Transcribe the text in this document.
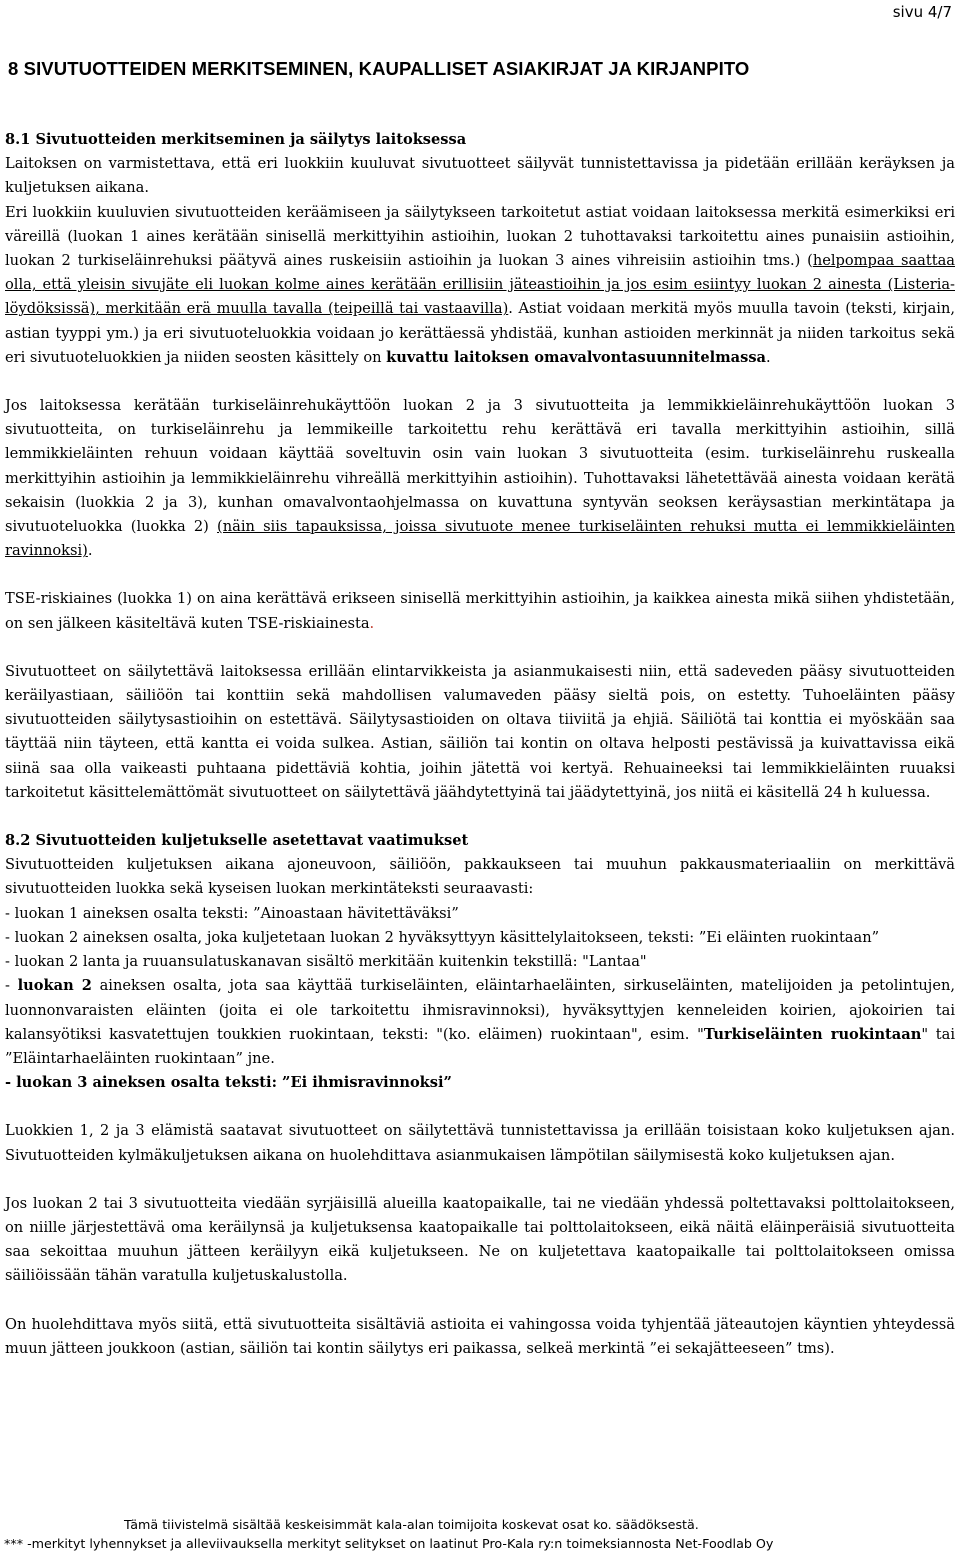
sivu 4/7
8 SIVUTUOTTEIDEN MERKITSEMINEN, KAUPALLISET ASIAKIRJAT JA KIRJANPITO

8.1 Sivutuotteiden merkitseminen ja säilytys laitoksessa

Laitoksen on varmistettava, että eri luokkiin kuuluvat sivutuotteet säilyvät tunnistettavissa ja pidetään erillään keräyksen ja kuljetuksen aikana.

Eri luokkiin kuuluvien sivutuotteiden keräämiseen ja säilytykseen tarkoitetut astiat voidaan laitoksessa merkitä esimerkiksi eri väreillä (luokan 1 aines kerätään sinisellä merkittyihin astioihin, luokan 2 tuhottavaksi tarkoitettu aines punaisiin astioihin, luokan 2 turkiseläinrehuksi päätyvä aines ruskeisiin astioihin ja luokan 3 aines vihreisiin astioihin tms.) (helpompaa saattaa olla, että yleisin sivujäte eli luokan kolme aines kerätään erillisiin jäteastioihin ja jos esim esiintyy luokan 2 ainesta (Listeria-löydöksissä), merkitään erä muulla tavalla (teipeillä tai vastaavilla). Astiat voidaan merkitä myös muulla tavoin (teksti, kirjain, astian tyyppi ym.) ja eri sivutuoteluokkia voidaan jo kerättäessä yhdistää, kunhan astioiden merkinnät ja niiden tarkoitus sekä eri sivutuoteluokkien ja niiden seosten käsittely on kuvattu laitoksen omavalvontasuunnitelmassa.

Jos laitoksessa kerätään turkiseläinrehukäyttöön luokan 2 ja 3 sivutuotteita ja lemmikkieläinrehukäyttöön luokan 3 sivutuotteita, on turkiseläinrehu ja lemmikeille tarkoitettu rehu kerättävä eri tavalla merkittyihin astioihin, sillä lemmikkieläinten rehuun voidaan käyttää soveltuvin osin vain luokan 3 sivutuotteita (esim. turkiseläinrehu ruskealla merkittyihin astioihin ja lemmikkieläinrehu vihreällä merkittyihin astioihin). Tuhottavaksi lähetettävää ainesta voidaan kerätä sekaisin (luokkia 2 ja 3), kunhan omavalvontaohjelmassa on kuvattuna syntyvän seoksen keräysastian merkintätapa ja sivutuoteluokka (luokka 2) (näin siis tapauksissa, joissa sivutuote menee turkiseläinten rehuksi mutta ei lemmikkieläinten ravinnoksi).

TSE-riskiaines (luokka 1) on aina kerättävä erikseen sinisellä merkittyihin astioihin, ja kaikkea ainesta mikä siihen yhdistetään, on sen jälkeen käsiteltävä kuten TSE-riskiainesta.

Sivutuotteet on säilytettävä laitoksessa erillään elintarvikkeista ja asianmukaisesti niin, että sadeveden pääsy sivutuotteiden keräilyastiaan, säiliöön tai konttiin sekä mahdollisen valumaveden pääsy sieltä pois, on estetty. Tuhoeläinten pääsy sivutuotteiden säilytysastioihin on estettävä. Säilytysastioiden on oltava tiiviitä ja ehjiä. Säiliötä tai konttia ei myöskään saa täyttää niin täyteen, että kantta ei voida sulkea. Astian, säiliön tai kontin on oltava helposti pestävissä ja kuivattavissa eikä siinä saa olla vaikeasti puhtaana pidettäviä kohtia, joihin jätettä voi kertyä. Rehuaineeksi tai lemmikkieläinten ruuaksi tarkoitetut käsittelemättömät sivutuotteet on säilytettävä jäähdytettyinä tai jäädytettyinä, jos niitä ei käsitellä 24 h kuluessa.

8.2 Sivutuotteiden kuljetukselle asetettavat vaatimukset

Sivutuotteiden kuljetuksen aikana ajoneuvoon, säiliöön, pakkaukseen tai muuhun pakkausmateriaaliin on merkittävä sivutuotteiden luokka sekä kyseisen luokan merkintäteksti seuraavasti:

- luokan 1 aineksen osalta teksti: ”Ainoastaan hävitettäväksi”

- luokan 2 aineksen osalta, joka kuljetetaan luokan 2 hyväksyttyyn käsittelylaitokseen, teksti: ”Ei eläinten ruokintaan”

- luokan 2 lanta ja ruuansulatuskanavan sisältö merkitään kuitenkin tekstillä: "Lantaa"

- luokan 2 aineksen osalta, jota saa käyttää turkiseläinten, eläintarhaeläinten, sirkuseläinten, matelijoiden ja petolintujen, luonnonvaraisten eläinten (joita ei ole tarkoitettu ihmisravinnoksi), hyväksyttyjen kenneleiden koirien, ajokoirien tai kalansyötiksi kasvatettujen toukkien ruokintaan, teksti: "(ko. eläimen) ruokintaan", esim. "Turkiseläinten ruokintaan" tai ”Eläintarhaeläinten ruokintaan” jne.

- luokan 3 aineksen osalta teksti: ”Ei ihmisravinnoksi”

Luokkien 1, 2 ja 3 elämistä saatavat sivutuotteet on säilytettävä tunnistettavissa ja erillään toisistaan koko kuljetuksen ajan. Sivutuotteiden kylmäkuljetuksen aikana on huolehdittava asianmukaisen lämpötilan säilymisestä koko kuljetuksen ajan.

Jos luokan 2 tai 3 sivutuotteita viedään syrjäisillä alueilla kaatopaikalle, tai ne viedään yhdessä poltettavaksi polttolaitokseen, on niille järjestettävä oma keräilynsä ja kuljetuksensa kaatopaikalle tai polttolaitokseen, eikä näitä eläinperäisiä sivutuotteita saa sekoittaa muuhun jätteen keräilyyn eikä kuljetukseen. Ne on kuljetettava kaatopaikalle tai polttolaitokseen omissa säiliöissään tähän varatulla kuljetuskalustolla.

On huolehdittava myös siitä, että sivutuotteita sisältäviä astioita ei vahingossa voida tyhjentää jäteautojen käyntien yhteydessä muun jätteen joukkoon (astian, säiliön tai kontin säilytys eri paikassa, selkeä merkintä ”ei sekajätteeseen” tms).

Tämä tiivistelmä sisältää keskeisimmät kala-alan toimijoita koskevat osat ko. säädöksestä.
*** -merkityt lyhennykset ja alleviivauksella merkityt selitykset on laatinut Pro-Kala ry:n toimeksiannosta Net-Foodlab Oy
